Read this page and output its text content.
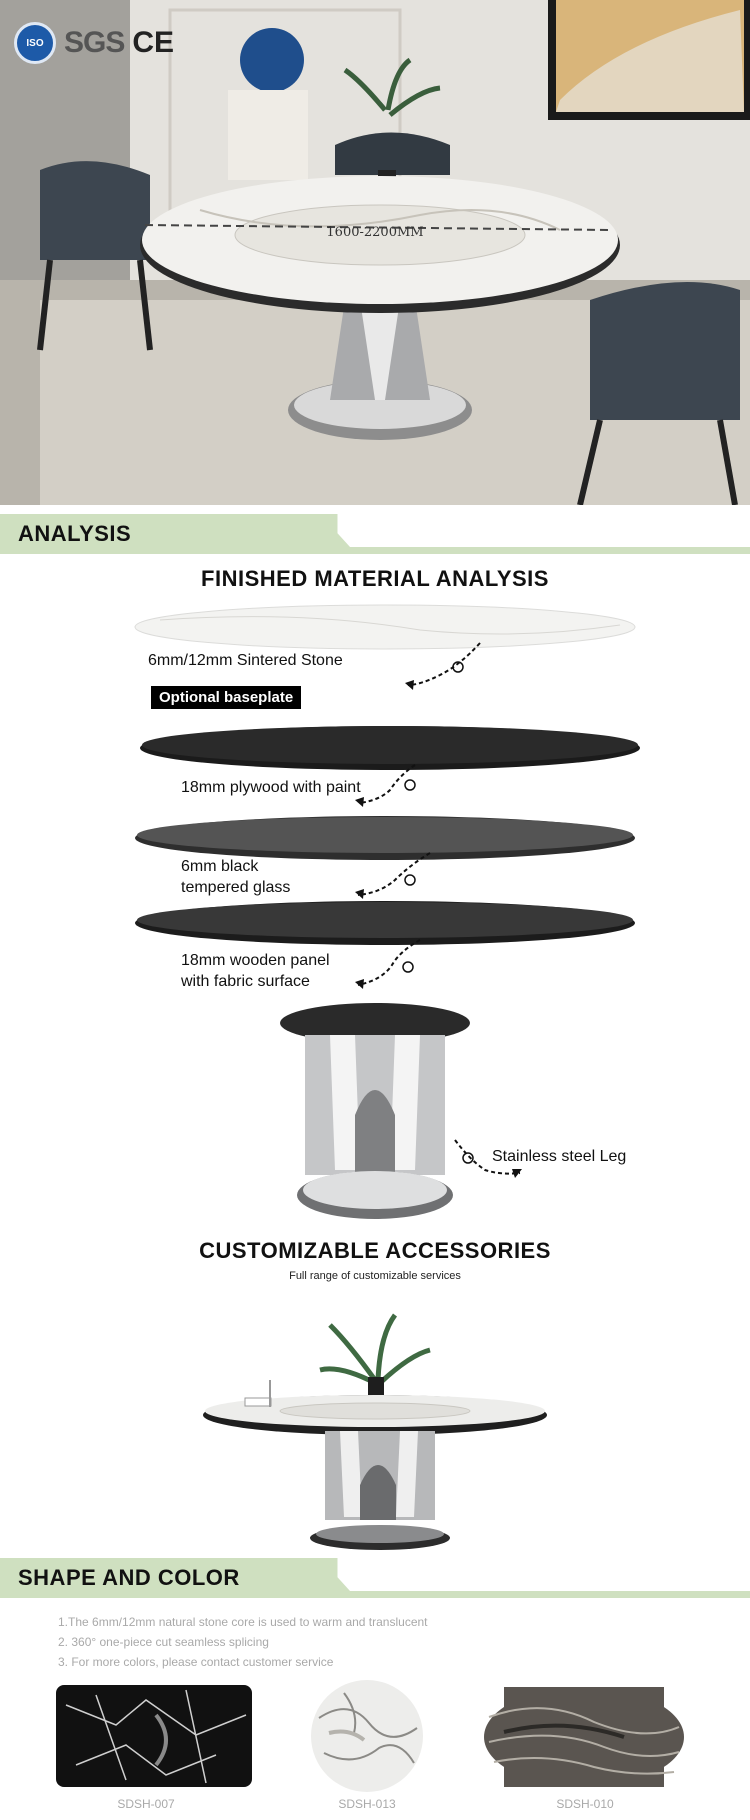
ISO SGS CE
1600-2200MM
ANALYSIS
FINISHED MATERIAL ANALYSIS
6mm/12mm Sintered Stone
Optional baseplate
18mm plywood with paint
6mm black
tempered glass
18mm wooden panel
with fabric surface
Stainless steel Leg
CUSTOMIZABLE ACCESSORIES
Full range of customizable services
SHAPE AND COLOR
1.The 6mm/12mm natural stone core is used to warm and translucent
2. 360° one-piece cut seamless splicing
3. For more colors, please contact customer service
SDSH-007	SDSH-013	SDSH-010
